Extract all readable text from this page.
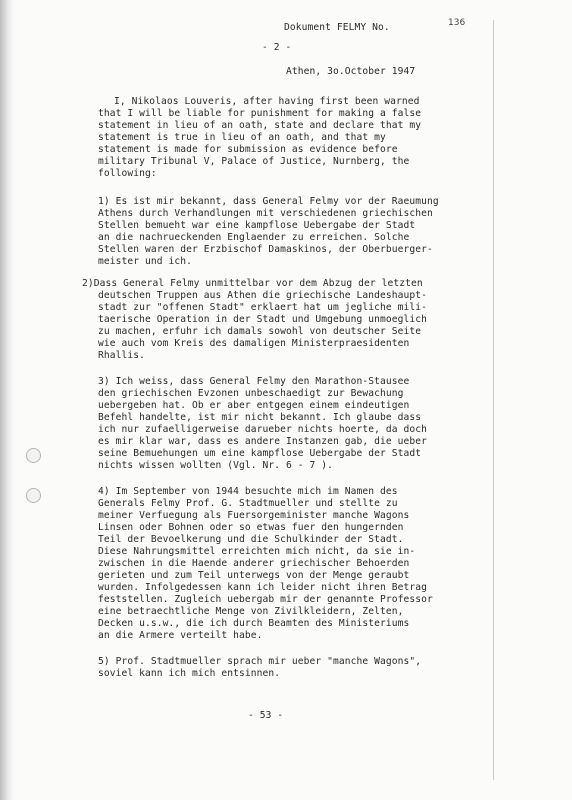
Dokument FELMY No.	136
- 2 -
Athen, 3o.October 1947
I, Nikolaos Louveris, after having first been warned
that I will be liable for punishment for making a false
statement in lieu of an oath, state and declare that my
statement is true in lieu of an oath, and that my
statement is made for submission as evidence before
military Tribunal V, Palace of Justice, Nurnberg, the
following:
1) Es ist mir bekannt, dass General Felmy vor der Raeumung
Athens durch Verhandlungen mit verschiedenen griechischen
Stellen bemueht war eine kampflose Uebergabe der Stadt
an die nachrueckenden Englaender zu erreichen. Solche
Stellen waren der Erzbischof Damaskinos, der Oberbuerger-
meister und ich.
2)Dass General Felmy unmittelbar vor dem Abzug der letzten
deutschen Truppen aus Athen die griechische Landeshaupt-
stadt zur "offenen Stadt" erklaert hat um jegliche mili-
taerische Operation in der Stadt und Umgebung unmoeglich
zu machen, erfuhr ich damals sowohl von deutscher Seite
wie auch vom Kreis des damaligen Ministerpraesidenten
Rhallis.
3) Ich weiss, dass General Felmy den Marathon-Stausee
den griechischen Evzonen unbeschaedigt zur Bewachung
uebergeben hat. Ob er aber entgegen einem eindeutigen
Befehl handelte, ist mir nicht bekannt. Ich glaube dass
ich nur zufaelligerweise darueber nichts hoerte, da doch
es mir klar war, dass es andere Instanzen gab, die ueber
seine Bemuehungen um eine kampflose Uebergabe der Stadt
nichts wissen wollten (Vgl. Nr. 6 - 7 ).
4) Im September von 1944 besuchte mich im Namen des
Generals Felmy Prof. G. Stadtmueller und stellte zu
meiner Verfuegung als Fuersorgeminister manche Wagons
Linsen oder Bohnen oder so etwas fuer den hungernden
Teil der Bevoelkerung und die Schulkinder der Stadt.
Diese Nahrungsmittel erreichten mich nicht, da sie in-
zwischen in die Haende anderer griechischer Behoerden
gerieten und zum Teil unterwegs von der Menge geraubt
wurden. Infolgedessen kann ich leider nicht ihren Betrag
feststellen. Zugleich uebergab mir der genannte Professor
eine betraechtliche Menge von Zivilkleidern, Zelten,
Decken u.s.w., die ich durch Beamten des Ministeriums
an die Armere verteilt habe.
5) Prof. Stadtmueller sprach mir ueber "manche Wagons",
soviel kann ich mich entsinnen.
- 53 -
